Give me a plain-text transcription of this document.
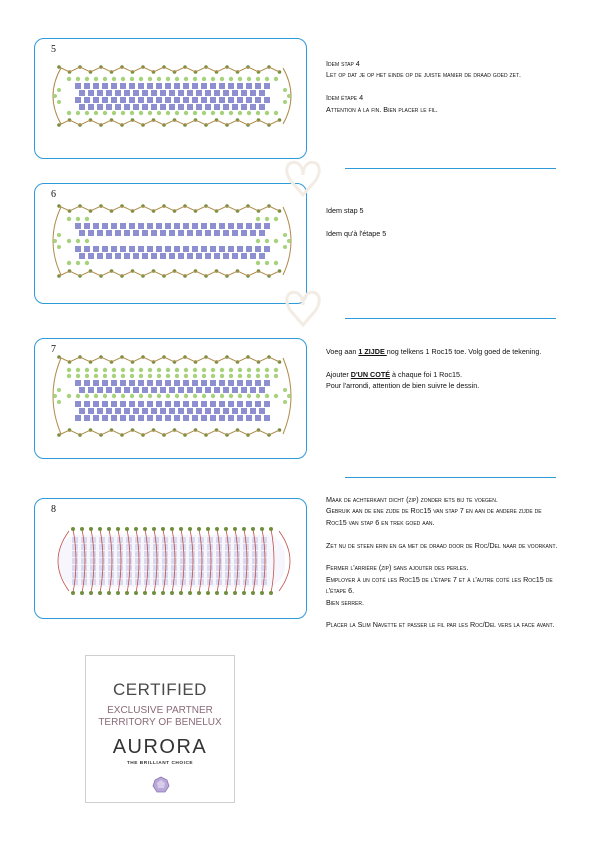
5
6
7
8

Idem stap 4

Let op dat je op het einde op de juiste manier de draad goed zet.

Idem étape 4

Attention à la fin. Bien placer le fil.

Idem stap 5

Idem qu'à l'étape 5

Voeg aan 1 ZIJDE nog telkens 1 Roc15 toe. Volg goed de tekening.

Ajouter D'UN COTÉ à chaque foi 1 Roc15.

Pour l'arrondi, attention de bien suivre le dessin.

Maak de achterkant dicht (zip) zonder iets bij te voegen.

Gebruik aan de ene zijde de Roc15 van stap 7 en aan de andere zijde de Roc15 van stap 6 en trek goed aan.

Zet nu de steen erin en ga met de draad door de Roc/Del naar de voorkant.

Fermer l'arrière (zip) sans ajouter des perles.

Employer à un coté les Roc15 de l'étape 7 et à l'autre coté les Roc15 de l'étape 6.

Bien serrer.

Placer la Slim Navette et passer le fil par les Roc/Del vers la face avant.

CERTIFIED
EXCLUSIVE PARTNER
TERRITORY OF BENELUX
AURORA
THE BRILLIANT CHOICE
